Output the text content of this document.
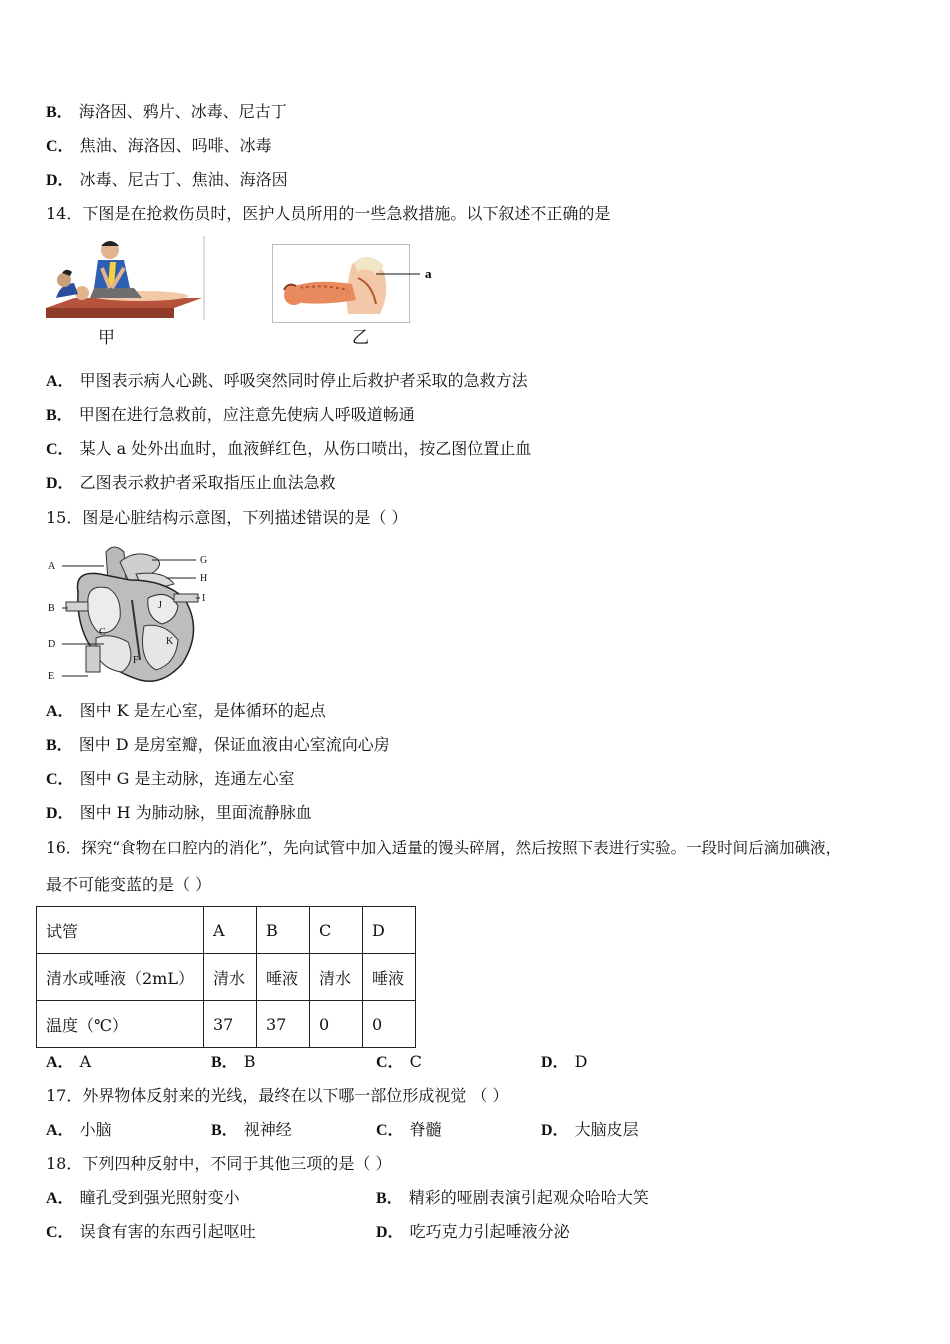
B． 海洛因、鸦片、冰毒、尼古丁
C． 焦油、海洛因、吗啡、冰毒
D． 冰毒、尼古丁、焦油、海洛因
14．下图是在抢救伤员时，医护人员所用的一些急救措施。以下叙述不正确的是
甲
a
乙
A． 甲图表示病人心跳、呼吸突然同时停止后救护者采取的急救方法
B． 甲图在进行急救前，应注意先使病人呼吸道畅通
C． 某人 a 处外出血时，血液鲜红色，从伤口喷出，按乙图位置止血
D． 乙图表示救护者采取指压止血法急救
15．图是心脏结构示意图，下列描述错误的是（ ）
A
B
D
E
C
F
G
H
I
J
K
A． 图中 K 是左心室，是体循环的起点
B． 图中 D 是房室瓣，保证血液由心室流向心房
C． 图中 G 是主动脉，连通左心室
D． 图中 H 为肺动脉，里面流静脉血
16．探究“食物在口腔内的消化”，先向试管中加入适量的馒头碎屑，然后按照下表进行实验。一段时间后滴加碘液，
最不可能变蓝的是（ ）
试管	A	B	C	D
清水或唾液（2mL）	清水	唾液	清水	唾液
温度（℃）	37	37	0	0
A． A	B． B	C． C	D． D
17．外界物体反射来的光线，最终在以下哪一部位形成视觉 （ ）
A． 小脑	B． 视神经	C． 脊髓	D． 大脑皮层
18．下列四种反射中，不同于其他三项的是（ ）
A． 瞳孔受到强光照射变小	B． 精彩的哑剧表演引起观众哈哈大笑
C． 误食有害的东西引起呕吐	D． 吃巧克力引起唾液分泌
